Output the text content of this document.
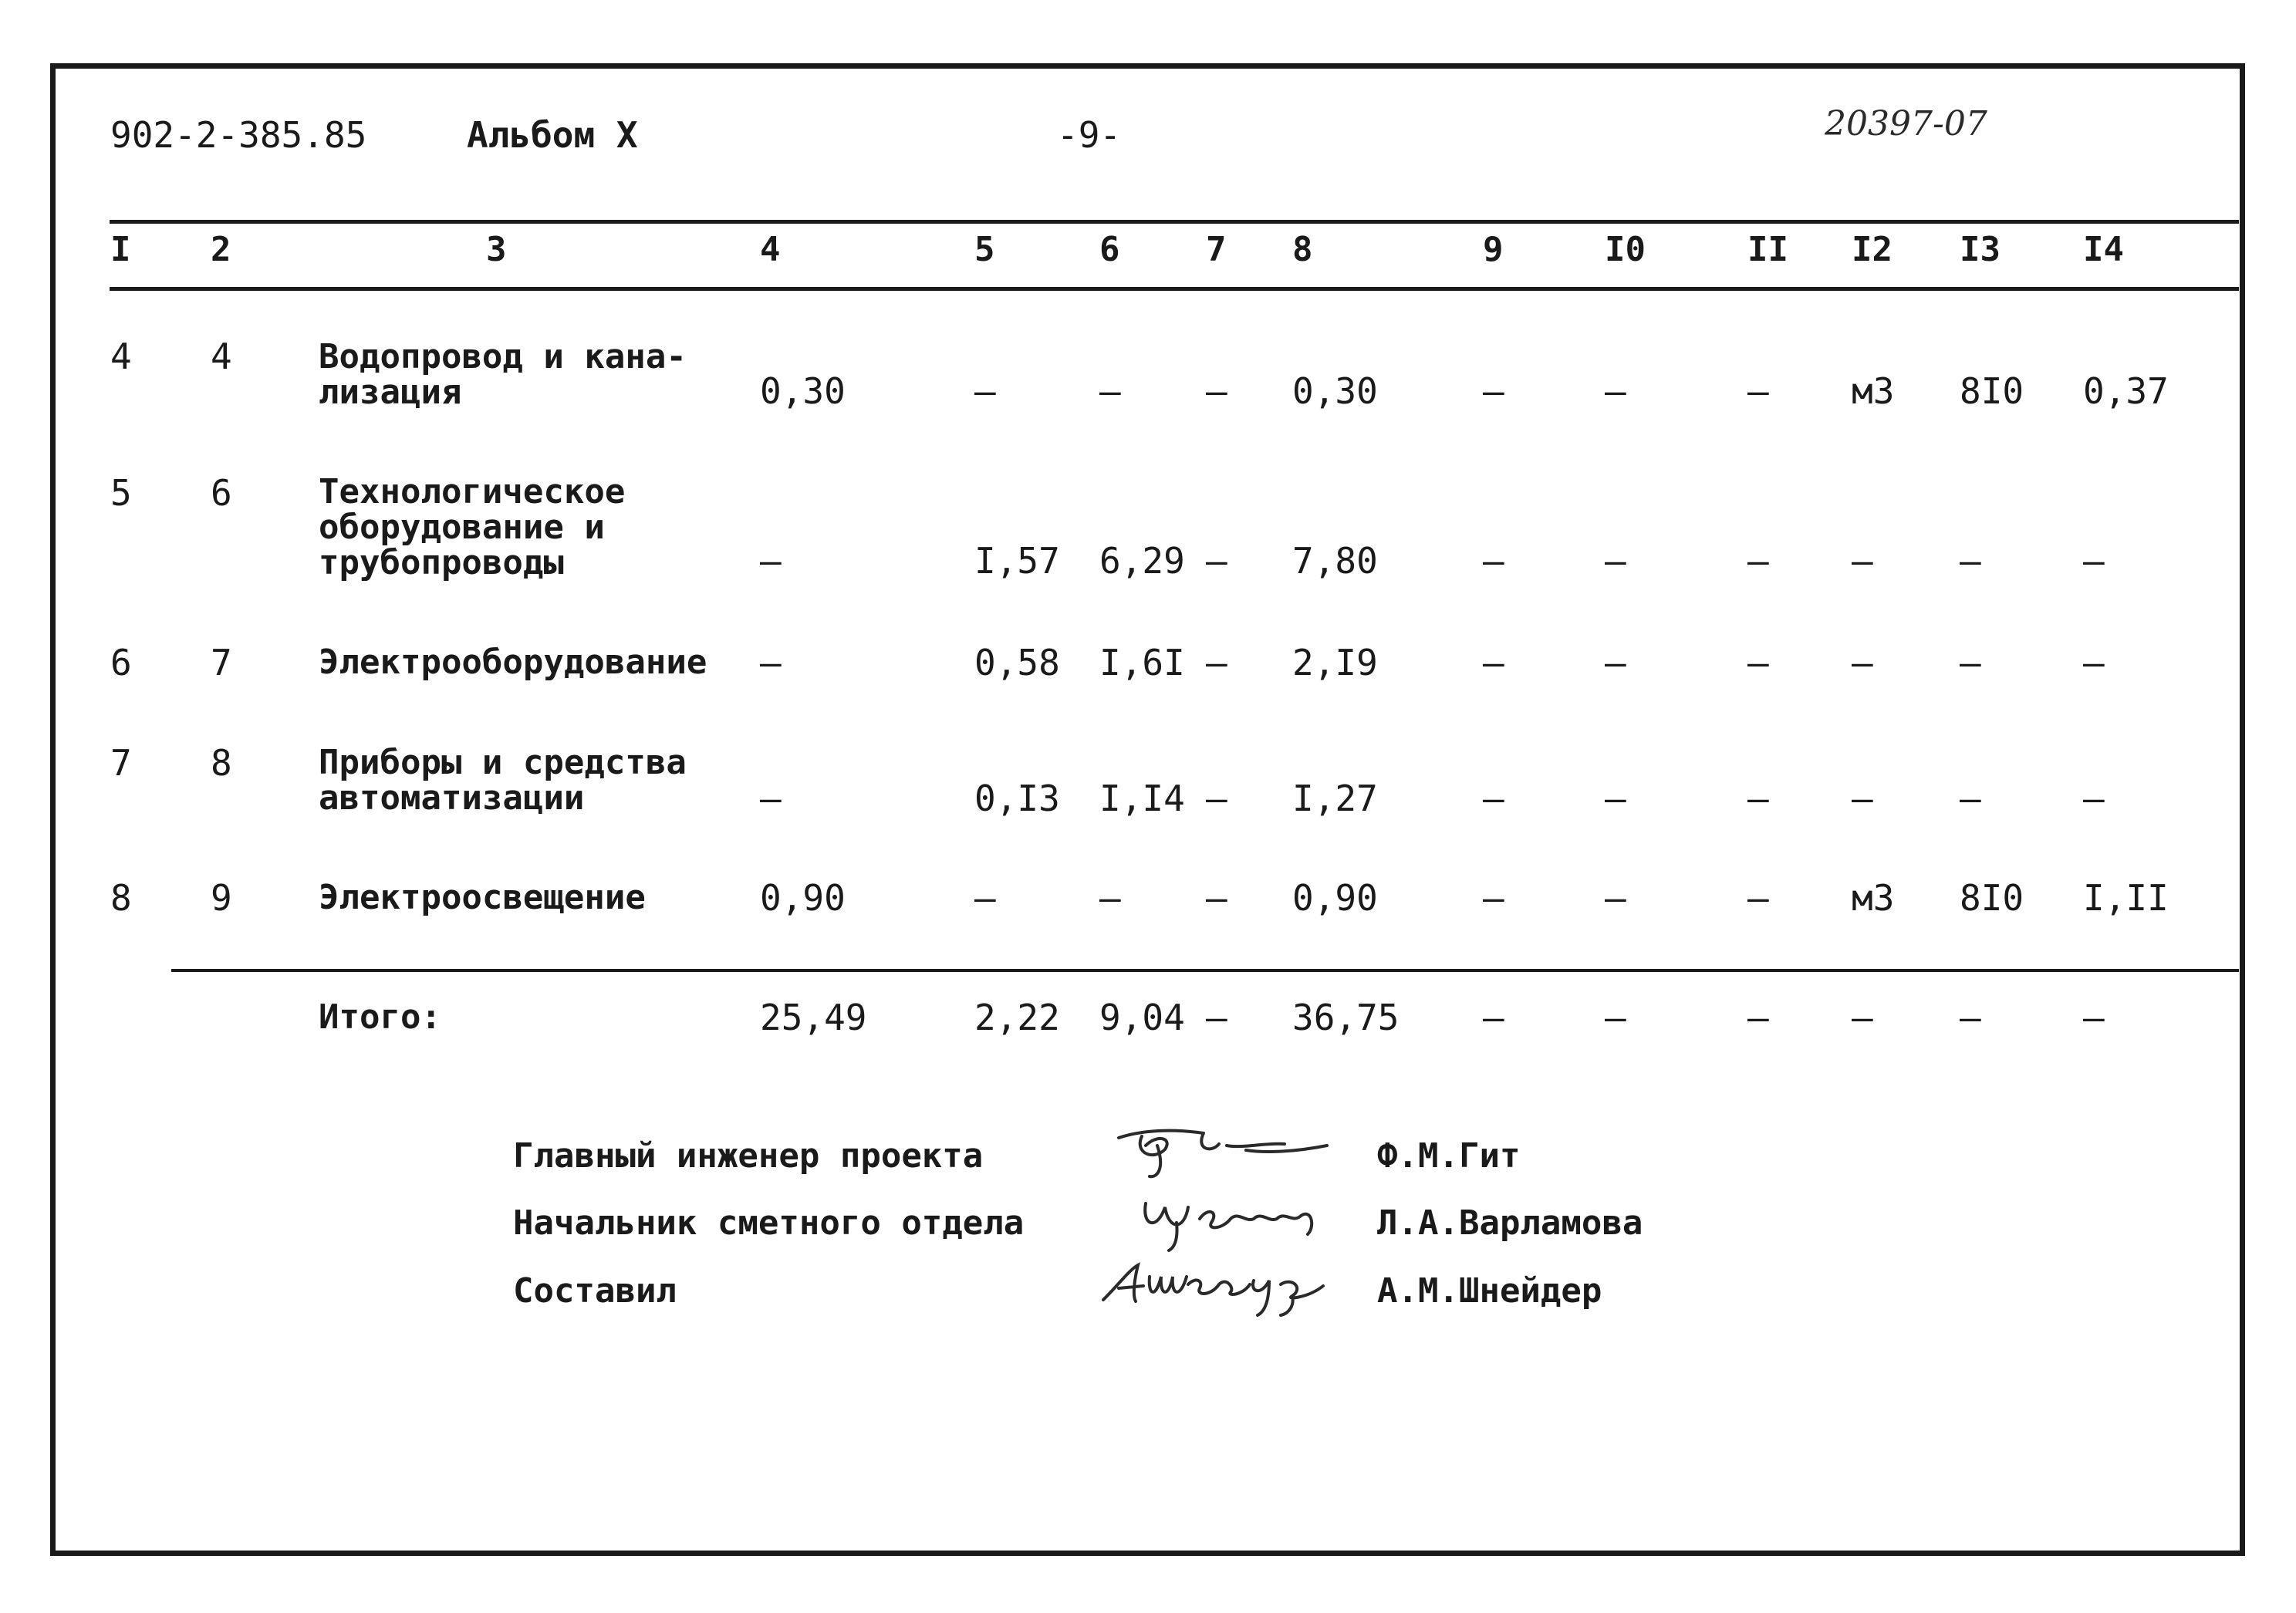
902-2-385.85	Альбом X	-9-	20397-07
I 2	3	4	5	6	7 8	9	I0	II I2 I3 I4
4 4	Водопровод и кана-
лизация	0,30	–	– – 0,30	–	–	– м3 8I0 0,37
5 6	Технологическое
оборудование и
трубопроводы	–	I,57 6,29 – 7,80	–	–	– – –	–
6 7	Электрооборудование –	0,58 I,6I – 2,I9	–	–	– – –	–
7 8	Приборы и средства
автоматизации	–	0,I3 I,I4 – I,27	–	–	– – –	–
8 9	Электроосвещение	0,90	–	– – 0,90	–	–	– м3 8I0 I,II
Итого:	25,49	2,22 9,04 – 36,75 –	–	– – –	–
Главный инженер проекта	Ф.М.Гит
Начальник сметного отдела	Л.А.Варламова
Составил	А.М.Шнейдер
